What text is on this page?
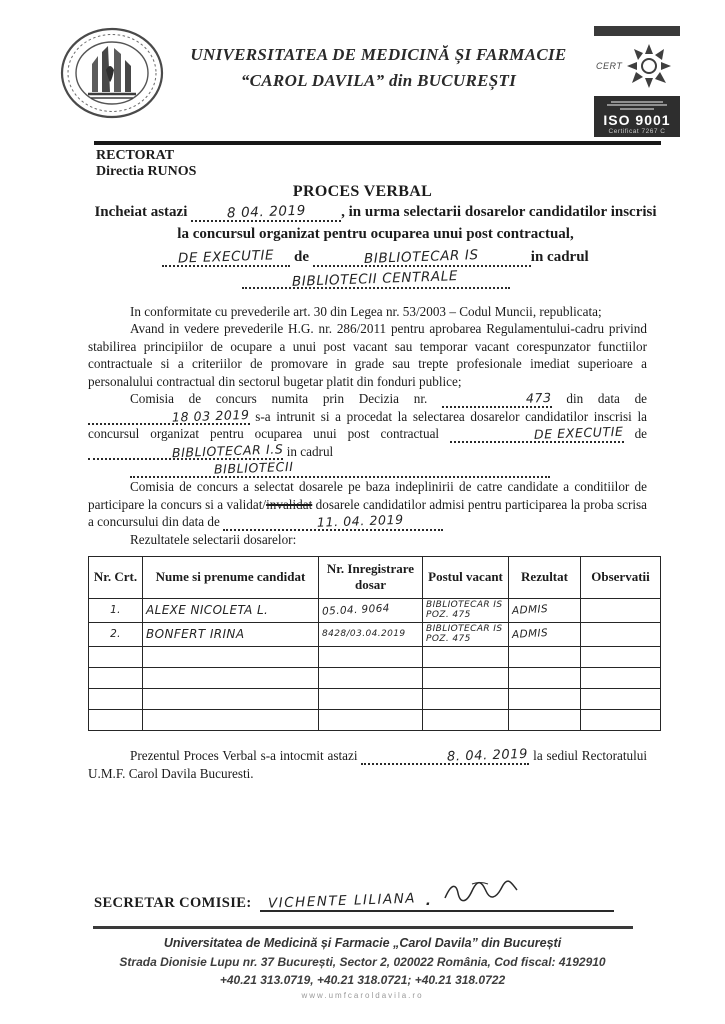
UNIVERSITATEA DE MEDICINĂ ȘI FARMACIE
“CAROL DAVILA” din BUCUREȘTI
CERT
ISO 9001
Certificat 7267 C
RECTORAT
Directia RUNOS
PROCES VERBAL
Incheiat astazi	8 04. 2019 , in urma selectarii dosarelor candidatilor inscrisi la concursul organizat pentru ocuparea unui post contractual,
DE EXECUTIE de	BIBLIOTECAR IS	in cadrul
BIBLIOTECII CENTRALE

In conformitate cu prevederile art. 30 din Legea nr. 53/2003 – Codul Muncii, republicata;

Avand in vedere prevederile H.G. nr. 286/2011 pentru aprobarea Regulamentului-cadru privind stabilirea principiilor de ocupare a unui post vacant sau temporar vacant corespunzator functiilor contractuale si a criteriilor de promovare in grade sau trepte profesionale imediat superioare a personalului contractual din sectorul bugetar platit din fonduri publice;

Comisia de concurs numita prin Decizia nr.	473 din data de 18 03 2019 s-a intrunit si a procedat la selectarea dosarelor candidatilor inscrisi la concursul organizat pentru ocuparea unui post contractual	DE EXECUTIE de BIBLIOTECAR I.S in cadrul

BIBLIOTECII

Comisia de concurs a selectat dosarele pe baza indeplinirii de catre candidate a conditiilor de participare la concurs si a validat/invalidat dosarele candidatilor admisi pentru participarea la proba scrisa a concursului din data de	11. 04. 2019

Rezultatele selectarii dosarelor:

Nr. Crt.	Nume si prenume candidat	Nr. Inregistrare dosar	Postul vacant	Rezultat	Observatii
1.	ALEXE NICOLETA L.	05.04. 9064	BIBLIOTECAR IS POZ. 475	ADMIS	
2.	BONFERT IRINA	8428/03.04.2019	BIBLIOTECAR IS POZ. 475	ADMIS	

Prezentul Proces Verbal s-a intocmit astazi	8. 04. 2019 la sediul Rectoratului U.M.F. Carol Davila Bucuresti.

SECRETAR COMISIE: VICHENTE LILIANA .
Universitatea de Medicină și Farmacie „Carol Davila” din București
Strada Dionisie Lupu nr. 37 București, Sector 2, 020022 România, Cod fiscal: 4192910
+40.21 313.0719, +40.21 318.0721; +40.21 318.0722
www.umfcaroldavila.ro
